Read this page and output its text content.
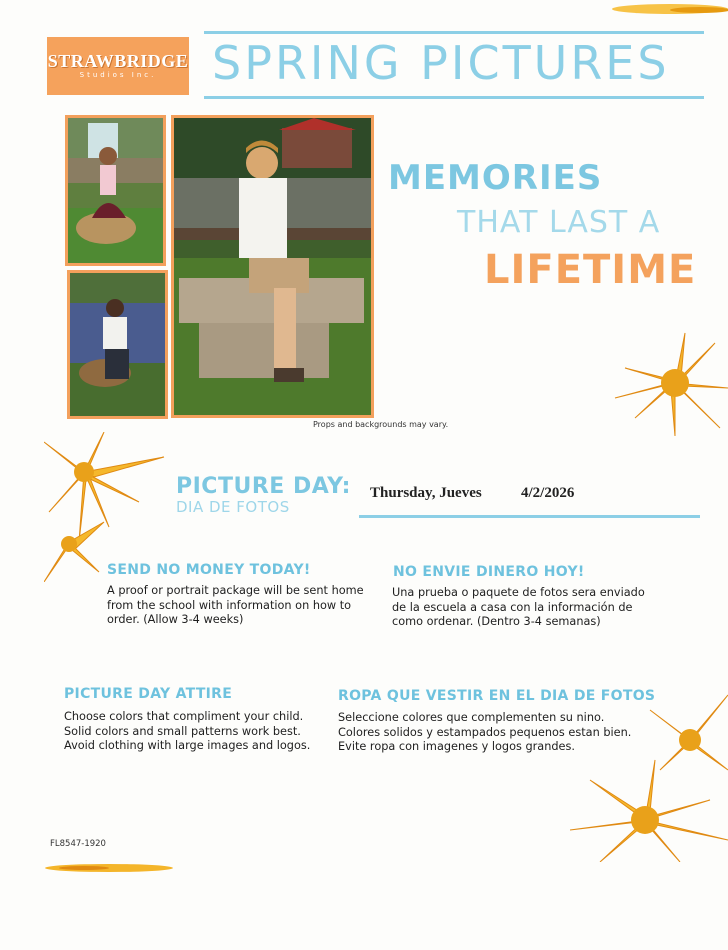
STRAWBRIDGE
Studios Inc.	SPRING PICTURES
MEMORIES
THAT LAST A
LIFETIME
Props and backgrounds may vary.
PICTURE DAY:
DIA DE FOTOS
Thursday, Jueves	4/2/2026
SEND NO MONEY TODAY!
A proof or portrait package will be sent home
from the school with information on how to
order. (Allow 3-4 weeks)
NO ENVIE DINERO HOY!
Una prueba o paquete de fotos sera enviado
de la escuela a casa con la información de
como ordenar. (Dentro 3-4 semanas)
PICTURE DAY ATTIRE
Choose colors that compliment your child.
Solid colors and small patterns work best.
Avoid clothing with large images and logos.
ROPA QUE VESTIR EN EL DIA DE FOTOS
Seleccione colores que complementen su nino.
Colores solidos y estampados pequenos estan bien.
Evite ropa con imagenes y logos grandes.
FL8547-1920
